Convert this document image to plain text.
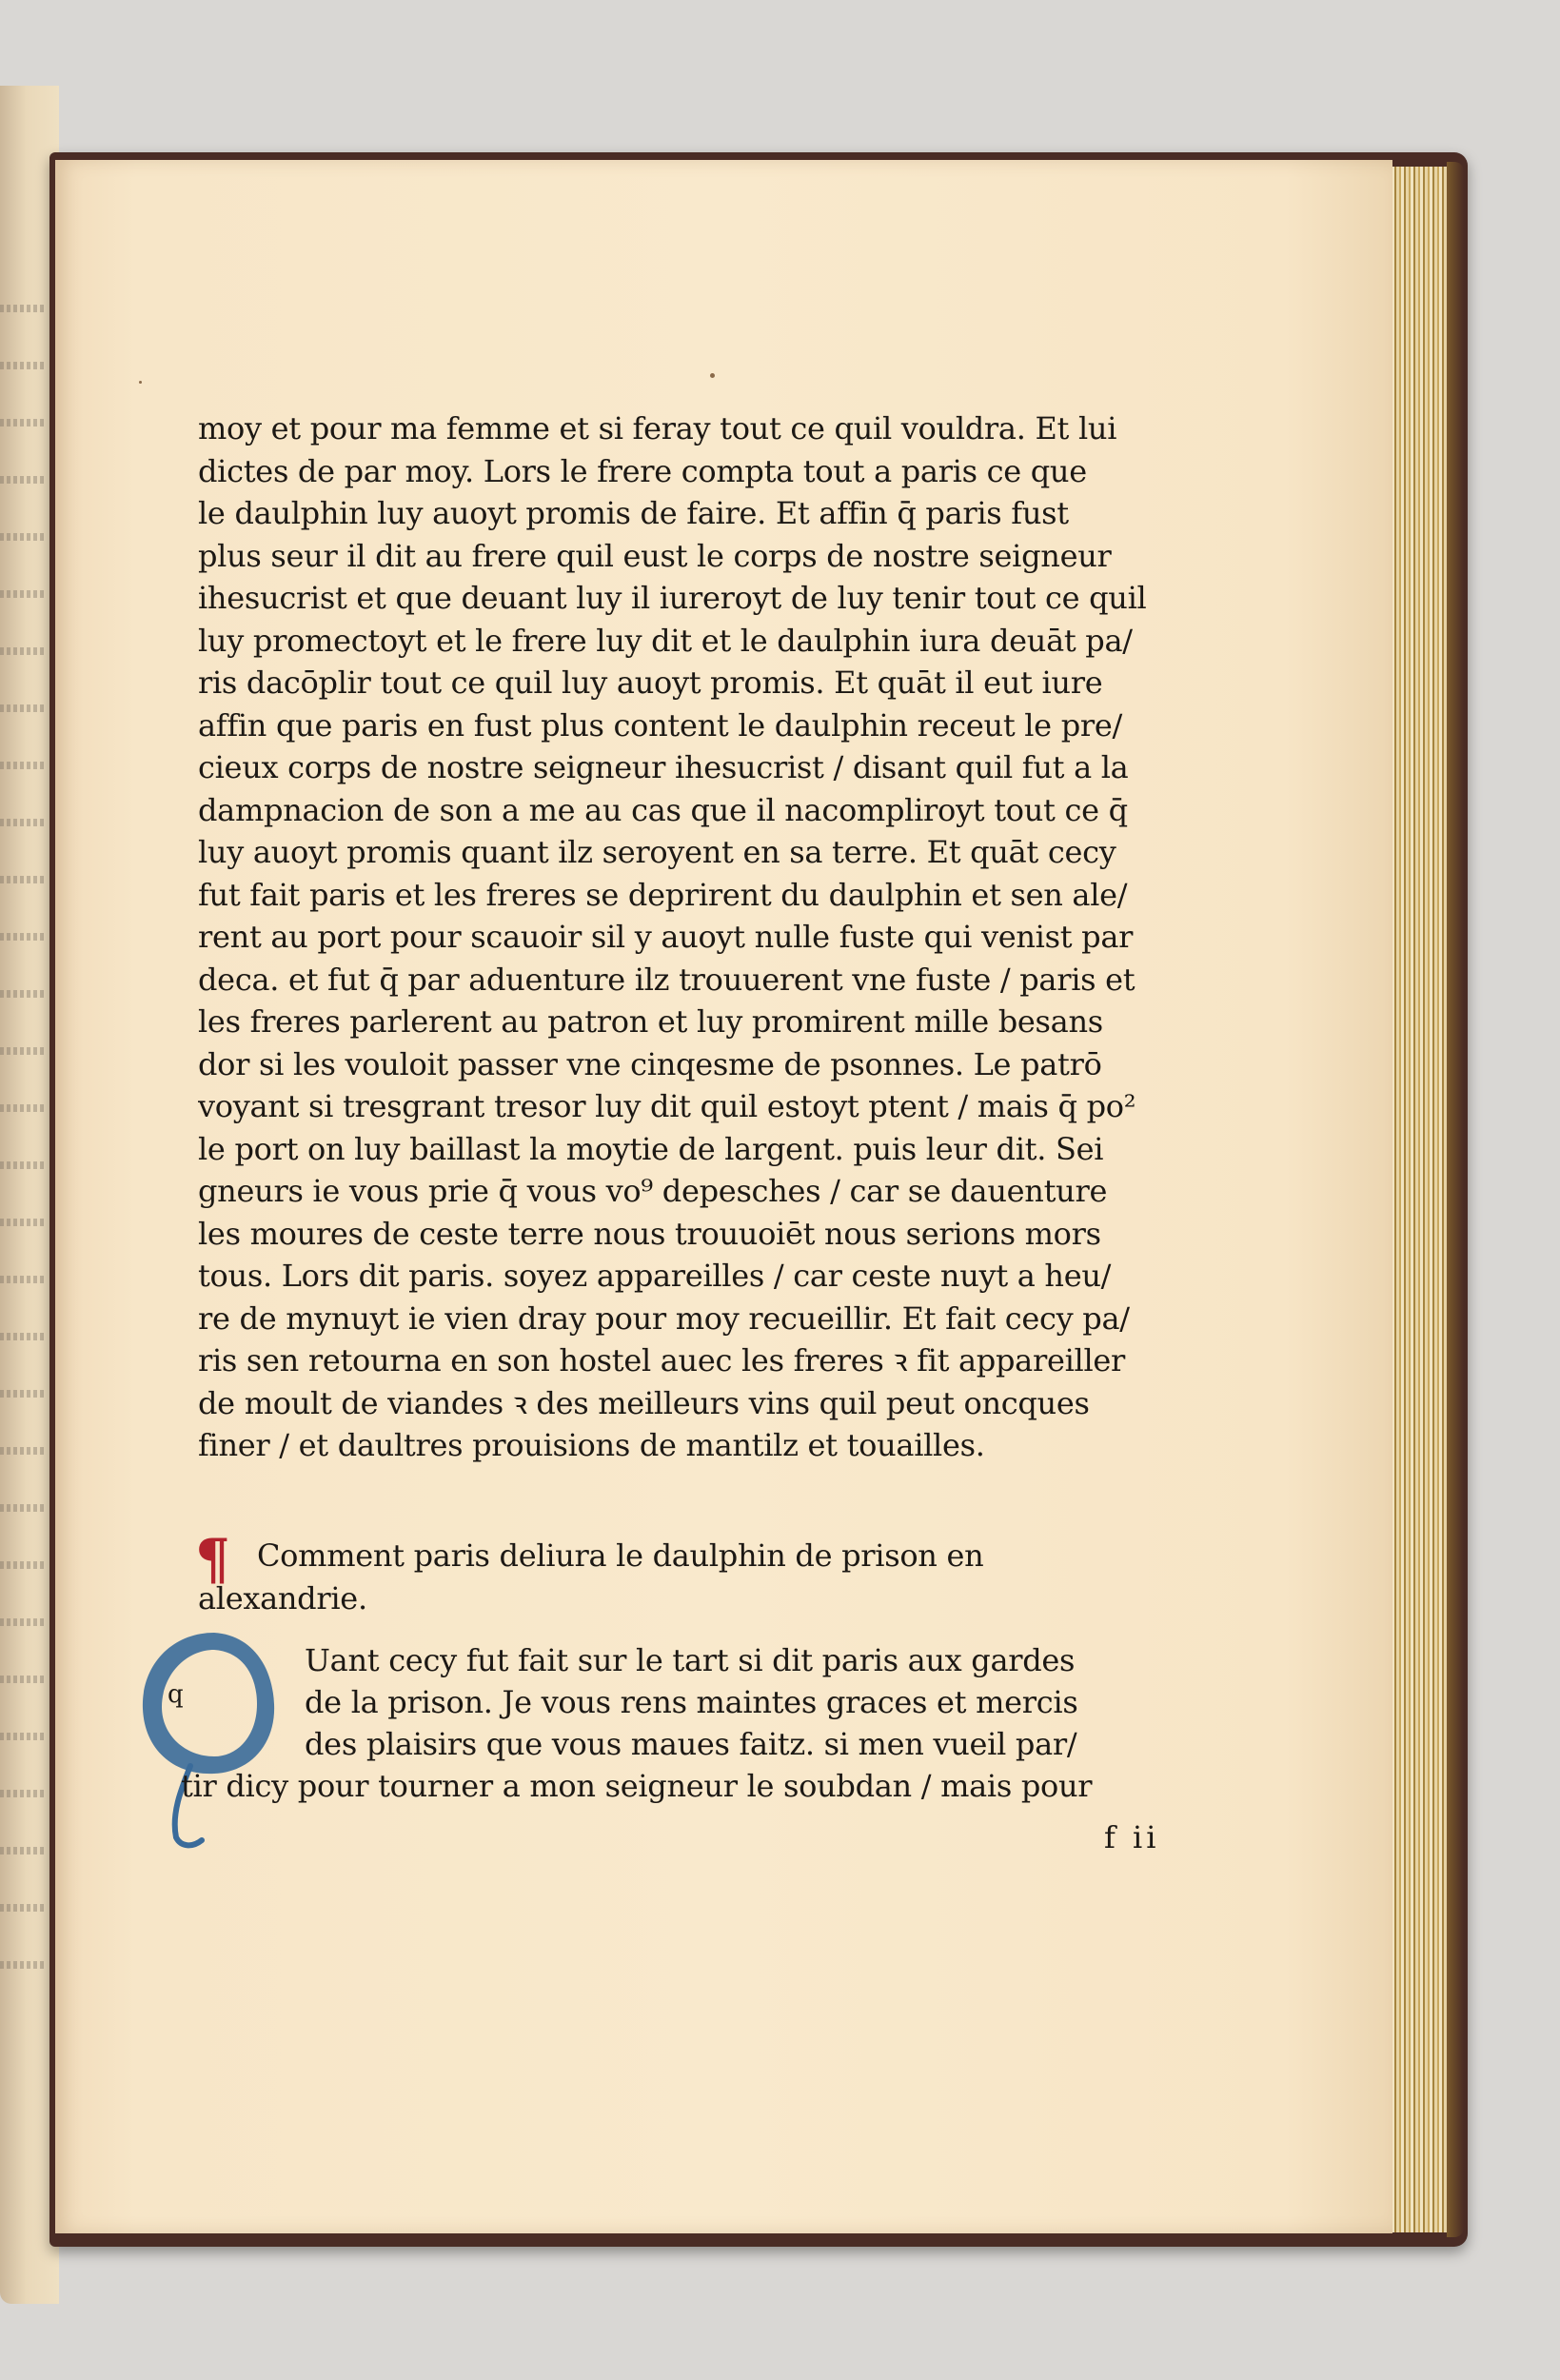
moy et pour ma femme et si feray tout ce quil vouldra. Et lui
dictes de par moy. Lors le frere compta tout a paris ce que
le daulphin luy auoyt promis de faire. Et affin q̄ paris fust
plus seur il dit au frere quil eust le corps de nostre seigneur
ihesucrist et que deuant luy il iureroyt de luy tenir tout ce quil
luy promectoyt et le frere luy dit et le daulphin iura deuāt pa/
ris dacōplir tout ce quil luy auoyt promis. Et quāt il eut iure
affin que paris en fust plus content le daulphin receut le pre/
cieux corps de nostre seigneur ihesucrist / disant quil fut a la
dampnacion de son a me au cas que il nacompliroyt tout ce q̄
luy auoyt promis quant ilz seroyent en sa terre. Et quāt cecy
fut fait paris et les freres se deprirent du daulphin et sen ale/
rent au port pour scauoir sil y auoyt nulle fuste qui venist par
deca. et fut q̄ par aduenture ilz trouuerent vne fuste / paris et
les freres parlerent au patron et luy promirent mille besans
dor si les vouloit passer vne cinqesme de psonnes. Le patrō
voyant si tresgrant tresor luy dit quil estoyt ptent / mais q̄ po²
le port on luy baillast la moytie de largent. puis leur dit. Sei
gneurs ie vous prie q̄ vous vo⁹ depesches / car se dauenture
les moures de ceste terre nous trouuoiēt nous serions mors
tous. Lors dit paris. soyez appareilles / car ceste nuyt a heu/
re de mynuyt ie vien dray pour moy recueillir. Et fait cecy pa/
ris sen retourna en son hostel auec les freres ꝛ fit appareiller
de moult de viandes ꝛ des meilleurs vins quil peut oncques
finer / et daultres prouisions de mantilz et touailles.
¶ Comment paris deliura le daulphin de prison en
alexandrie.
q
Uant cecy fut fait sur le tart si dit paris aux gardes
de la prison. Je vous rens maintes graces et mercis
des plaisirs que vous maues faitz. si men vueil par/
tir dicy pour tourner a mon seigneur le soubdan / mais pour
f ii
